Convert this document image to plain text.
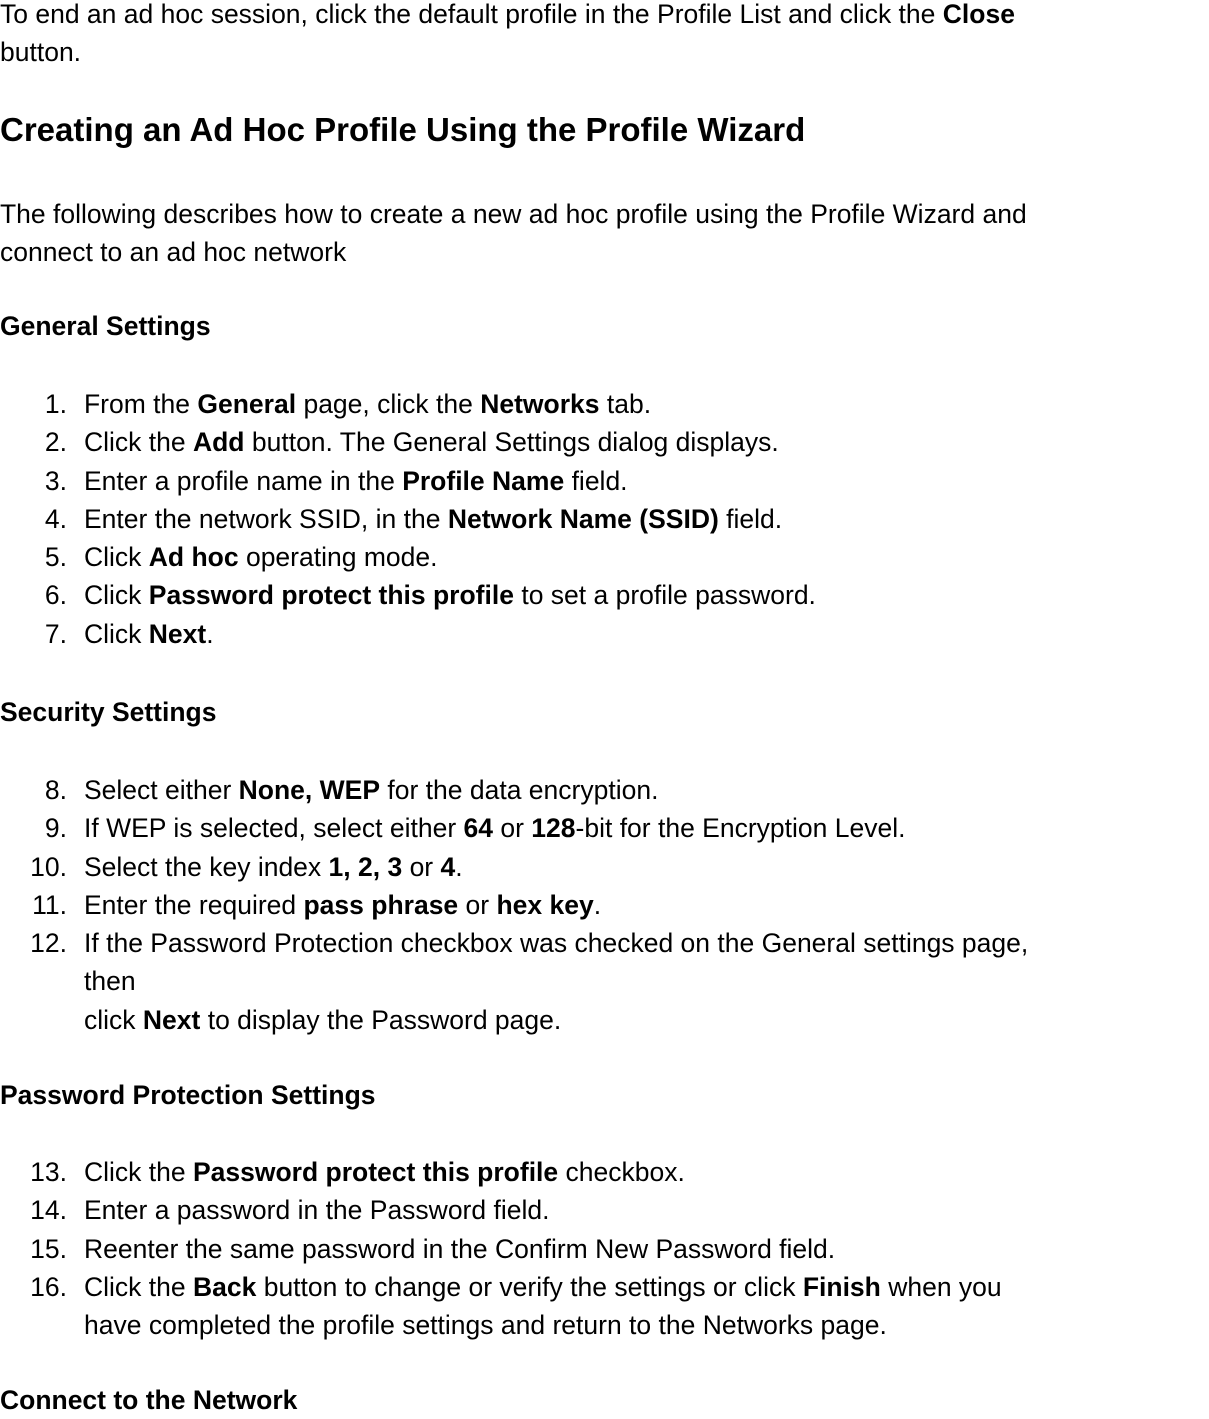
To end an ad hoc session, click the default profile in the Profile List and click the Close
button.
Creating an Ad Hoc Profile Using the Profile Wizard
The following describes how to create a new ad hoc profile using the Profile Wizard and
connect to an ad hoc network
General Settings
1. From the General page, click the Networks tab.
2. Click the Add button. The General Settings dialog displays.
3. Enter a profile name in the Profile Name field.
4. Enter the network SSID, in the Network Name (SSID) field.
5. Click Ad hoc operating mode.
6. Click Password protect this profile to set a profile password.
7. Click Next.
Security Settings
8. Select either None, WEP for the data encryption.
9. If WEP is selected, select either 64 or 128-bit for the Encryption Level.
10. Select the key index 1, 2, 3 or 4.
11. Enter the required pass phrase or hex key.
12. If the Password Protection checkbox was checked on the General settings page,
then
click Next to display the Password page.
Password Protection Settings
13. Click the Password protect this profile checkbox.
14. Enter a password in the Password field.
15. Reenter the same password in the Confirm New Password field.
16. Click the Back button to change or verify the settings or click Finish when you
have completed the profile settings and return to the Networks page.
Connect to the Network
